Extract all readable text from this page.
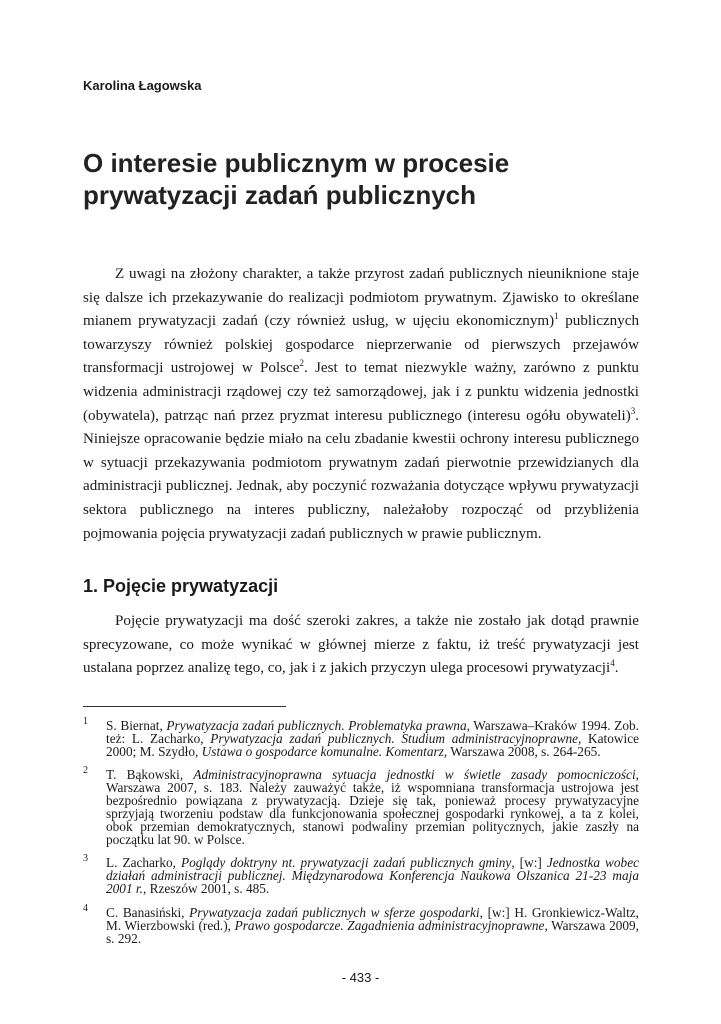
Karolina Łagowska

O interesie publicznym w procesie prywatyzacji zadań publicznych

Z uwagi na złożony charakter, a także przyrost zadań publicznych nieuniknione staje się dalsze ich przekazywanie do realizacji podmiotom prywatnym. Zjawisko to określane mianem prywatyzacji zadań (czy również usług, w ujęciu ekonomicznym)$^1$ publicznych towarzyszy również polskiej gospodarce nieprzerwanie od pierwszych przejawów transformacji ustrojowej w Polsce$^2$. Jest to temat niezwykle ważny, zarówno z punktu widzenia administracji rządowej czy też samorządowej, jak i z punktu widzenia jednostki (obywatela), patrząc nań przez pryzmat interesu publicznego (interesu ogółu obywateli)$^3$. Niniejsze opracowanie będzie miało na celu zbadanie kwestii ochrony interesu publicznego w sytuacji przekazywania podmiotom prywatnym zadań pierwotnie przewidzianych dla administracji publicznej. Jednak, aby poczynić rozważania dotyczące wpływu prywatyzacji sektora publicznego na interes publiczny, należałoby rozpocząć od przybliżenia pojmowania pojęcia prywatyzacji zadań publicznych w prawie publicznym.

1. Pojęcie prywatyzacji

Pojęcie prywatyzacji ma dość szeroki zakres, a także nie zostało jak dotąd prawnie sprecyzowane, co może wynikać w głównej mierze z faktu, iż treść prywatyzacji jest ustalana poprzez analizę tego, co, jak i z jakich przyczyn ulega procesowi prywatyzacji$^4$.

1 S. Biernat, Prywatyzacja zadań publicznych. Problematyka prawna, Warszawa–Kraków 1994. Zob. też: L. Zacharko, Prywatyzacja zadań publicznych. Studium administracyjnoprawne, Katowice 2000; M. Szydło, Ustawa o gospodarce komunalne. Komentarz, Warszawa 2008, s. 264-265.
2 T. Bąkowski, Administracyjnoprawna sytuacja jednostki w świetle zasady pomocniczości, Warszawa 2007, s. 183. Należy zauważyć także, iż wspomniana transformacja ustrojowa jest bezpośrednio powiązana z prywatyzacją. Dzieje się tak, ponieważ procesy prywatyzacyjne sprzyjają tworzeniu podstaw dla funkcjonowania społecznej gospodarki rynkowej, a ta z kolei, obok przemian demokratycznych, stanowi podwaliny przemian politycznych, jakie zaszły na początku lat 90. w Polsce.
3 L. Zacharko, Poglądy doktryny nt. prywatyzacji zadań publicznych gminy, [w:] Jednostka wobec działań administracji publicznej. Międzynarodowa Konferencja Naukowa Olszanica 21-23 maja 2001 r., Rzeszów 2001, s. 485.
4 C. Banasiński, Prywatyzacja zadań publicznych w sferze gospodarki, [w:] H. Gronkiewicz-Waltz, M. Wierzbowski (red.), Prawo gospodarcze. Zagadnienia administracyjnoprawne, Warszawa 2009, s. 292.

- 433 -
